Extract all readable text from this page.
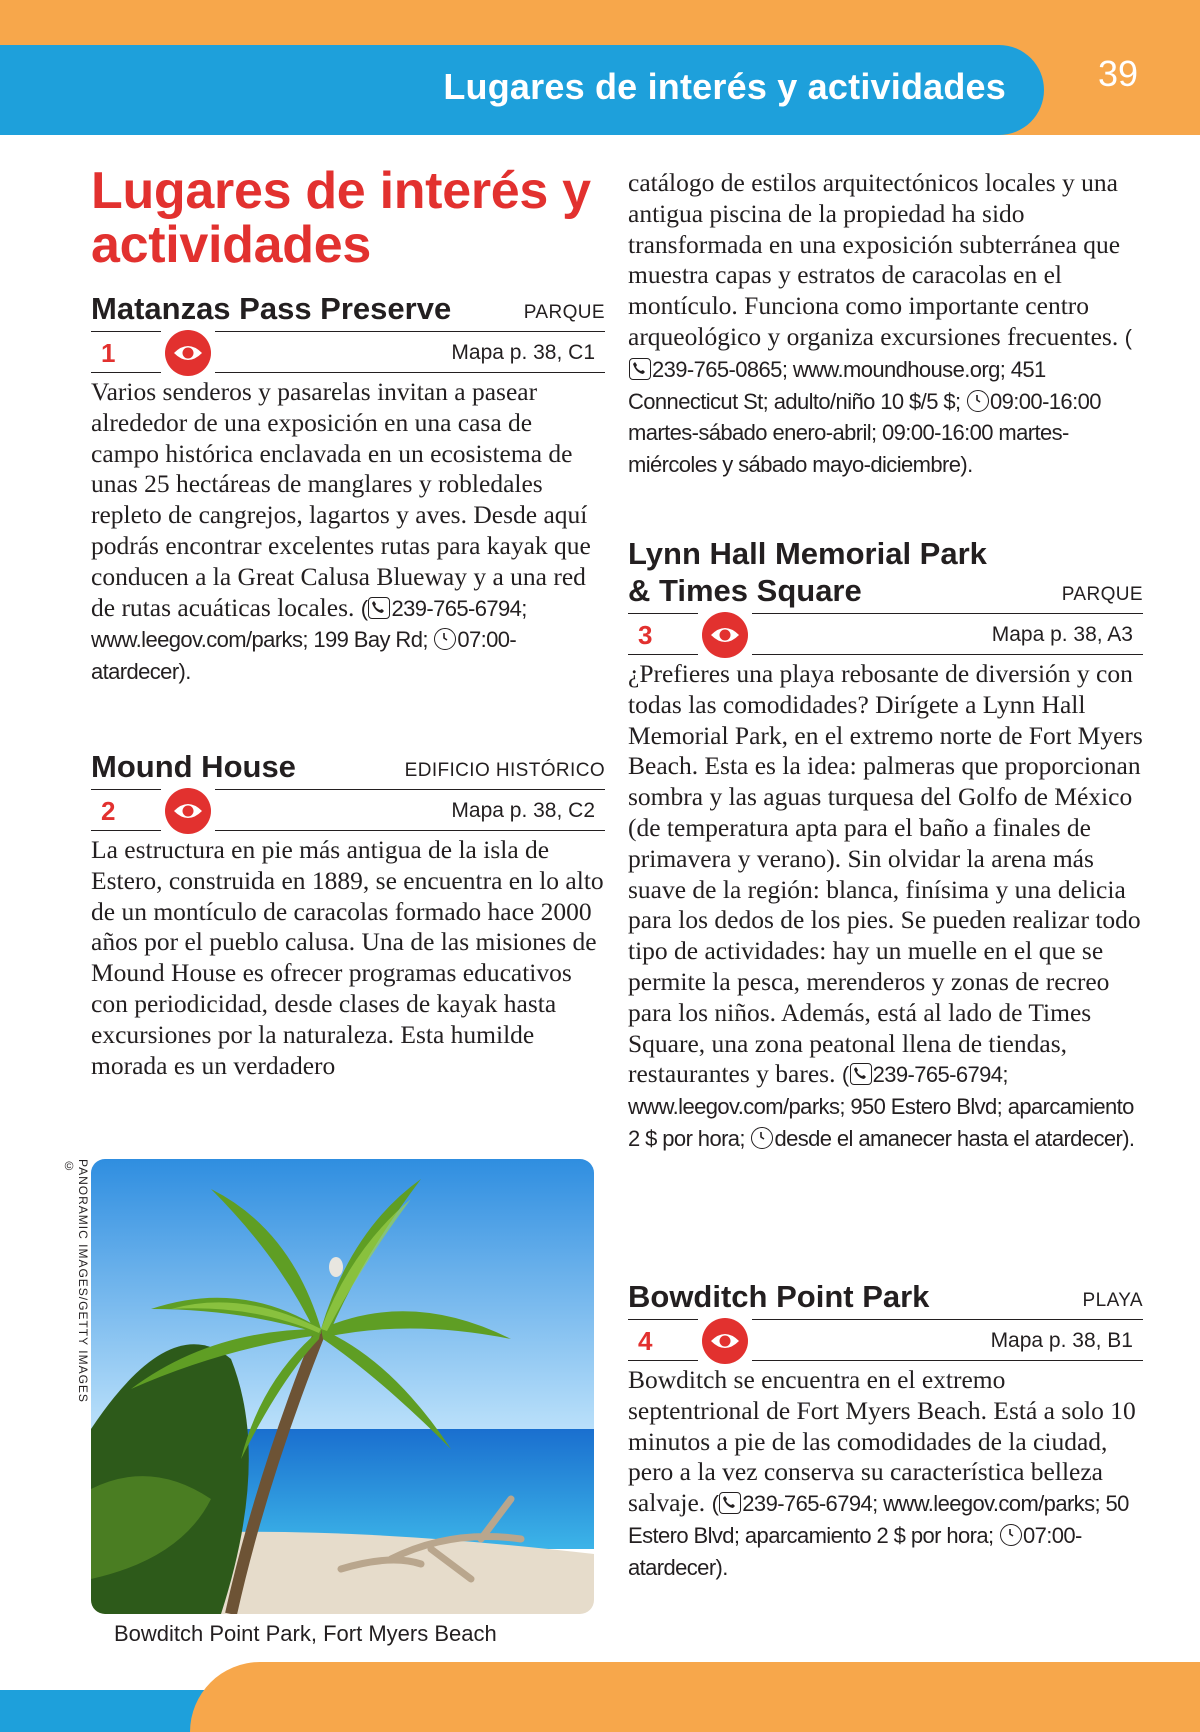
Lugares de interés y actividades	39
Lugares de interés y actividades
Matanzas Pass Preserve	PARQUE
1	Mapa p. 38, C1

Varios senderos y pasarelas invitan a pasear alrededor de una exposición en una casa de campo histórica enclavada en un ecosistema de unas 25 hectáreas de manglares y robledales repleto de cangrejos, lagartos y aves. Desde aquí podrás encontrar excelentes rutas para kayak que conducen a la Great Calusa Blueway y a una red de rutas acuáticas locales. ( 239-765-6794; www.leegov.com/parks; 199 Bay Rd; 07:00-atardecer).

Mound House	EDIFICIO HISTÓRICO
2	Mapa p. 38, C2

La estructura en pie más antigua de la isla de Estero, construida en 1889, se encuentra en lo alto de un montículo de caracolas formado hace 2000 años por el pueblo calusa. Una de las misiones de Mound House es ofrecer programas educativos con periodicidad, desde clases de kayak hasta excursiones por la naturaleza. Esta humilde morada es un verdadero

PANORAMIC IMAGES/GETTY IMAGES ©
Bowditch Point Park, Fort Myers Beach

catálogo de estilos arquitectónicos locales y una antigua piscina de la propiedad ha sido transformada en una exposición subterránea que muestra capas y estratos de caracolas en el montículo. Funciona como importante centro arqueológico y organiza excursiones frecuentes. (
239-765-0865; www.moundhouse.org; 451 Connecticut St; adulto/niño 10 $/5 $; 09:00-16:00 martes-sábado enero-abril; 09:00-16:00 martes-miércoles y sábado mayo-diciembre).

Lynn Hall Memorial Park
& Times Square	PARQUE
3	Mapa p. 38, A3

¿Prefieres una playa rebosante de diversión y con todas las comodidades? Dirígete a Lynn Hall Memorial Park, en el extremo norte de Fort Myers Beach. Esta es la idea: palmeras que proporcionan sombra y las aguas turquesa del Golfo de México (de temperatura apta para el baño a finales de primavera y verano). Sin olvidar la arena más suave de la región: blanca, finísima y una delicia para los dedos de los pies. Se pueden realizar todo tipo de actividades: hay un muelle en el que se permite la pesca, merenderos y zonas de recreo para los niños. Además, está al lado de Times Square, una zona peatonal llena de tiendas, restaurantes y bares. ( 239-765-6794; www.leegov.com/parks; 950 Estero Blvd; aparcamiento 2 $ por hora; desde el amanecer hasta el atardecer).

Bowditch Point Park	PLAYA
4	Mapa p. 38, B1

Bowditch se encuentra en el extremo septentrional de Fort Myers Beach. Está a solo 10 minutos a pie de las comodidades de la ciudad, pero a la vez conserva su característica belleza salvaje. ( 239-765-6794; www.leegov.com/parks; 50 Estero Blvd; aparcamiento 2 $ por hora; 07:00-atardecer).
